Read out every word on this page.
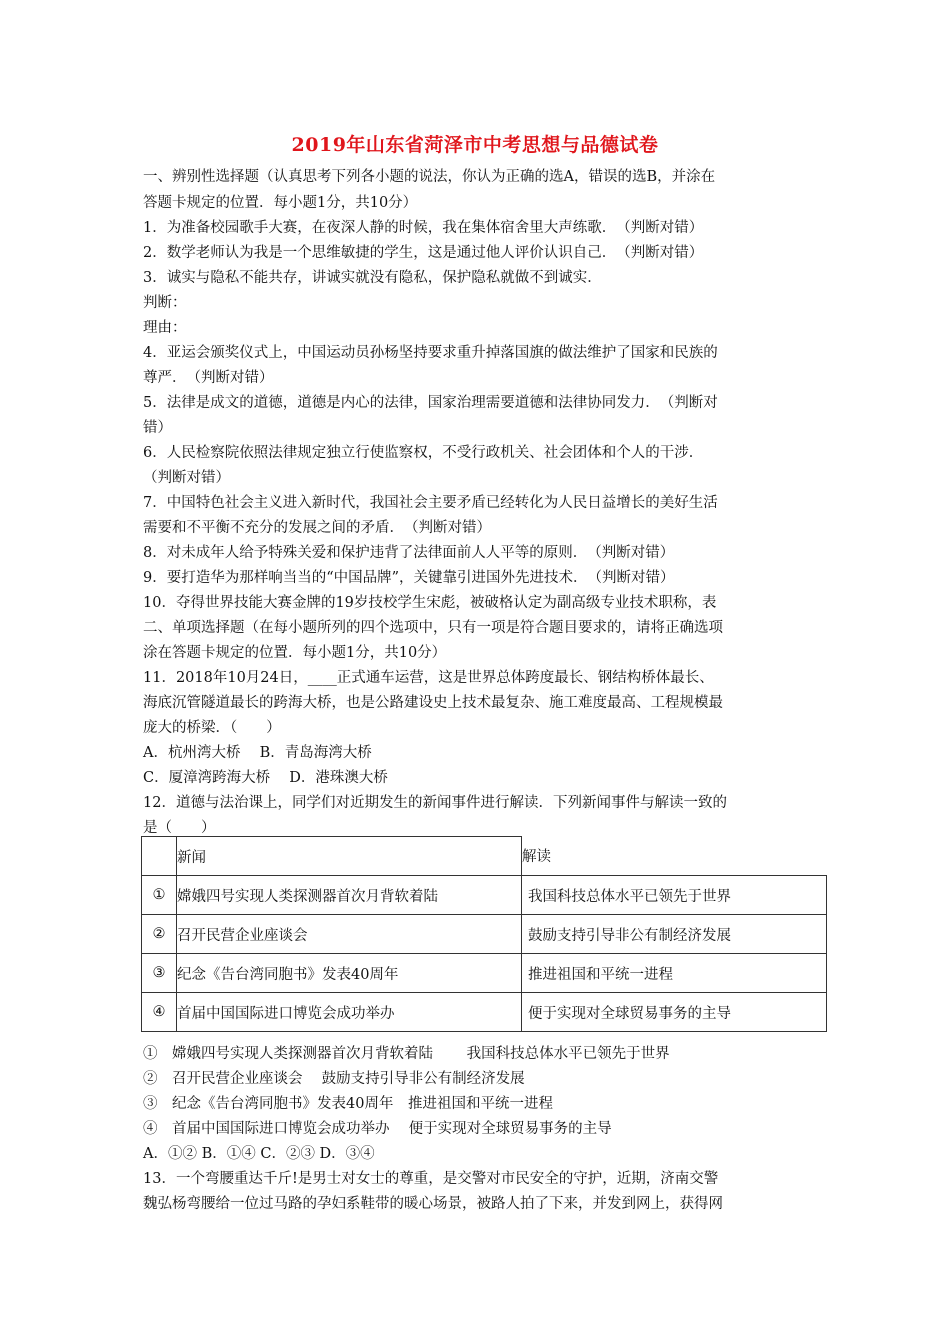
2019年山东省菏泽市中考思想与品德试卷
一、辨别性选择题（认真思考下列各小题的说法，你认为正确的选A，错误的选B，并涂在
答题卡规定的位置．每小题1分，共10分）
1．为准备校园歌手大赛，在夜深人静的时候，我在集体宿舍里大声练歌．　（判断对错）
2．数学老师认为我是一个思维敏捷的学生，这是通过他人评价认识自己．　（判断对错）
3．诚实与隐私不能共存，讲诚实就没有隐私，保护隐私就做不到诚实．
判断：
理由：
4．亚运会颁奖仪式上，中国运动员孙杨坚持要求重升掉落国旗的做法维护了国家和民族的
尊严．　（判断对错）
5．法律是成文的道德，道德是内心的法律，国家治理需要道德和法律协同发力．　（判断对
错）
6．人民检察院依照法律规定独立行使监察权，不受行政机关、社会团体和个人的干涉．
（判断对错）
7．中国特色社会主义进入新时代，我国社会主要矛盾已经转化为人民日益增长的美好生活
需要和不平衡不充分的发展之间的矛盾．　（判断对错）
8．对未成年人给予特殊关爱和保护违背了法律面前人人平等的原则．　（判断对错）
9．要打造华为那样响当当的“中国品牌”，关键靠引进国外先进技术．　（判断对错）
10．夺得世界技能大赛金牌的19岁技校学生宋彪，被破格认定为副高级专业技术职称，表
二、单项选择题（在每小题所列的四个选项中，只有一项是符合题目要求的，请将正确选项
涂在答题卡规定的位置．每小题1分，共10分）
11．2018年10月24日，____正式通车运营，这是世界总体跨度最长、钢结构桥体最长、
海底沉管隧道最长的跨海大桥，也是公路建设史上技术最复杂、施工难度最高、工程规模最
庞大的桥梁．（　　）
A．杭州湾大桥　 B．青岛海湾大桥
C．厦漳湾跨海大桥　 D．港珠澳大桥
12．道德与法治课上，同学们对近期发生的新闻事件进行解读．下列新闻事件与解读一致的
是（　　）
	新闻	解读
①	嫦娥四号实现人类探测器首次月背软着陆	我国科技总体水平已领先于世界
②	召开民营企业座谈会	鼓励支持引导非公有制经济发展
③	纪念《告台湾同胞书》发表40周年	推进祖国和平统一进程
④	首届中国国际进口博览会成功举办	便于实现对全球贸易事务的主导
①　嫦娥四号实现人类探测器首次月背软着陆　　 我国科技总体水平已领先于世界
②　召开民营企业座谈会　 鼓励支持引导非公有制经济发展
③　纪念《告台湾同胞书》发表40周年　推进祖国和平统一进程
④　首届中国国际进口博览会成功举办　 便于实现对全球贸易事务的主导
A．①② B．①④ C．②③ D．③④
13．一个弯腰重达千斤!是男士对女士的尊重，是交警对市民安全的守护，近期，济南交警
魏弘杨弯腰给一位过马路的孕妇系鞋带的暖心场景，被路人拍了下来，并发到网上，获得网
